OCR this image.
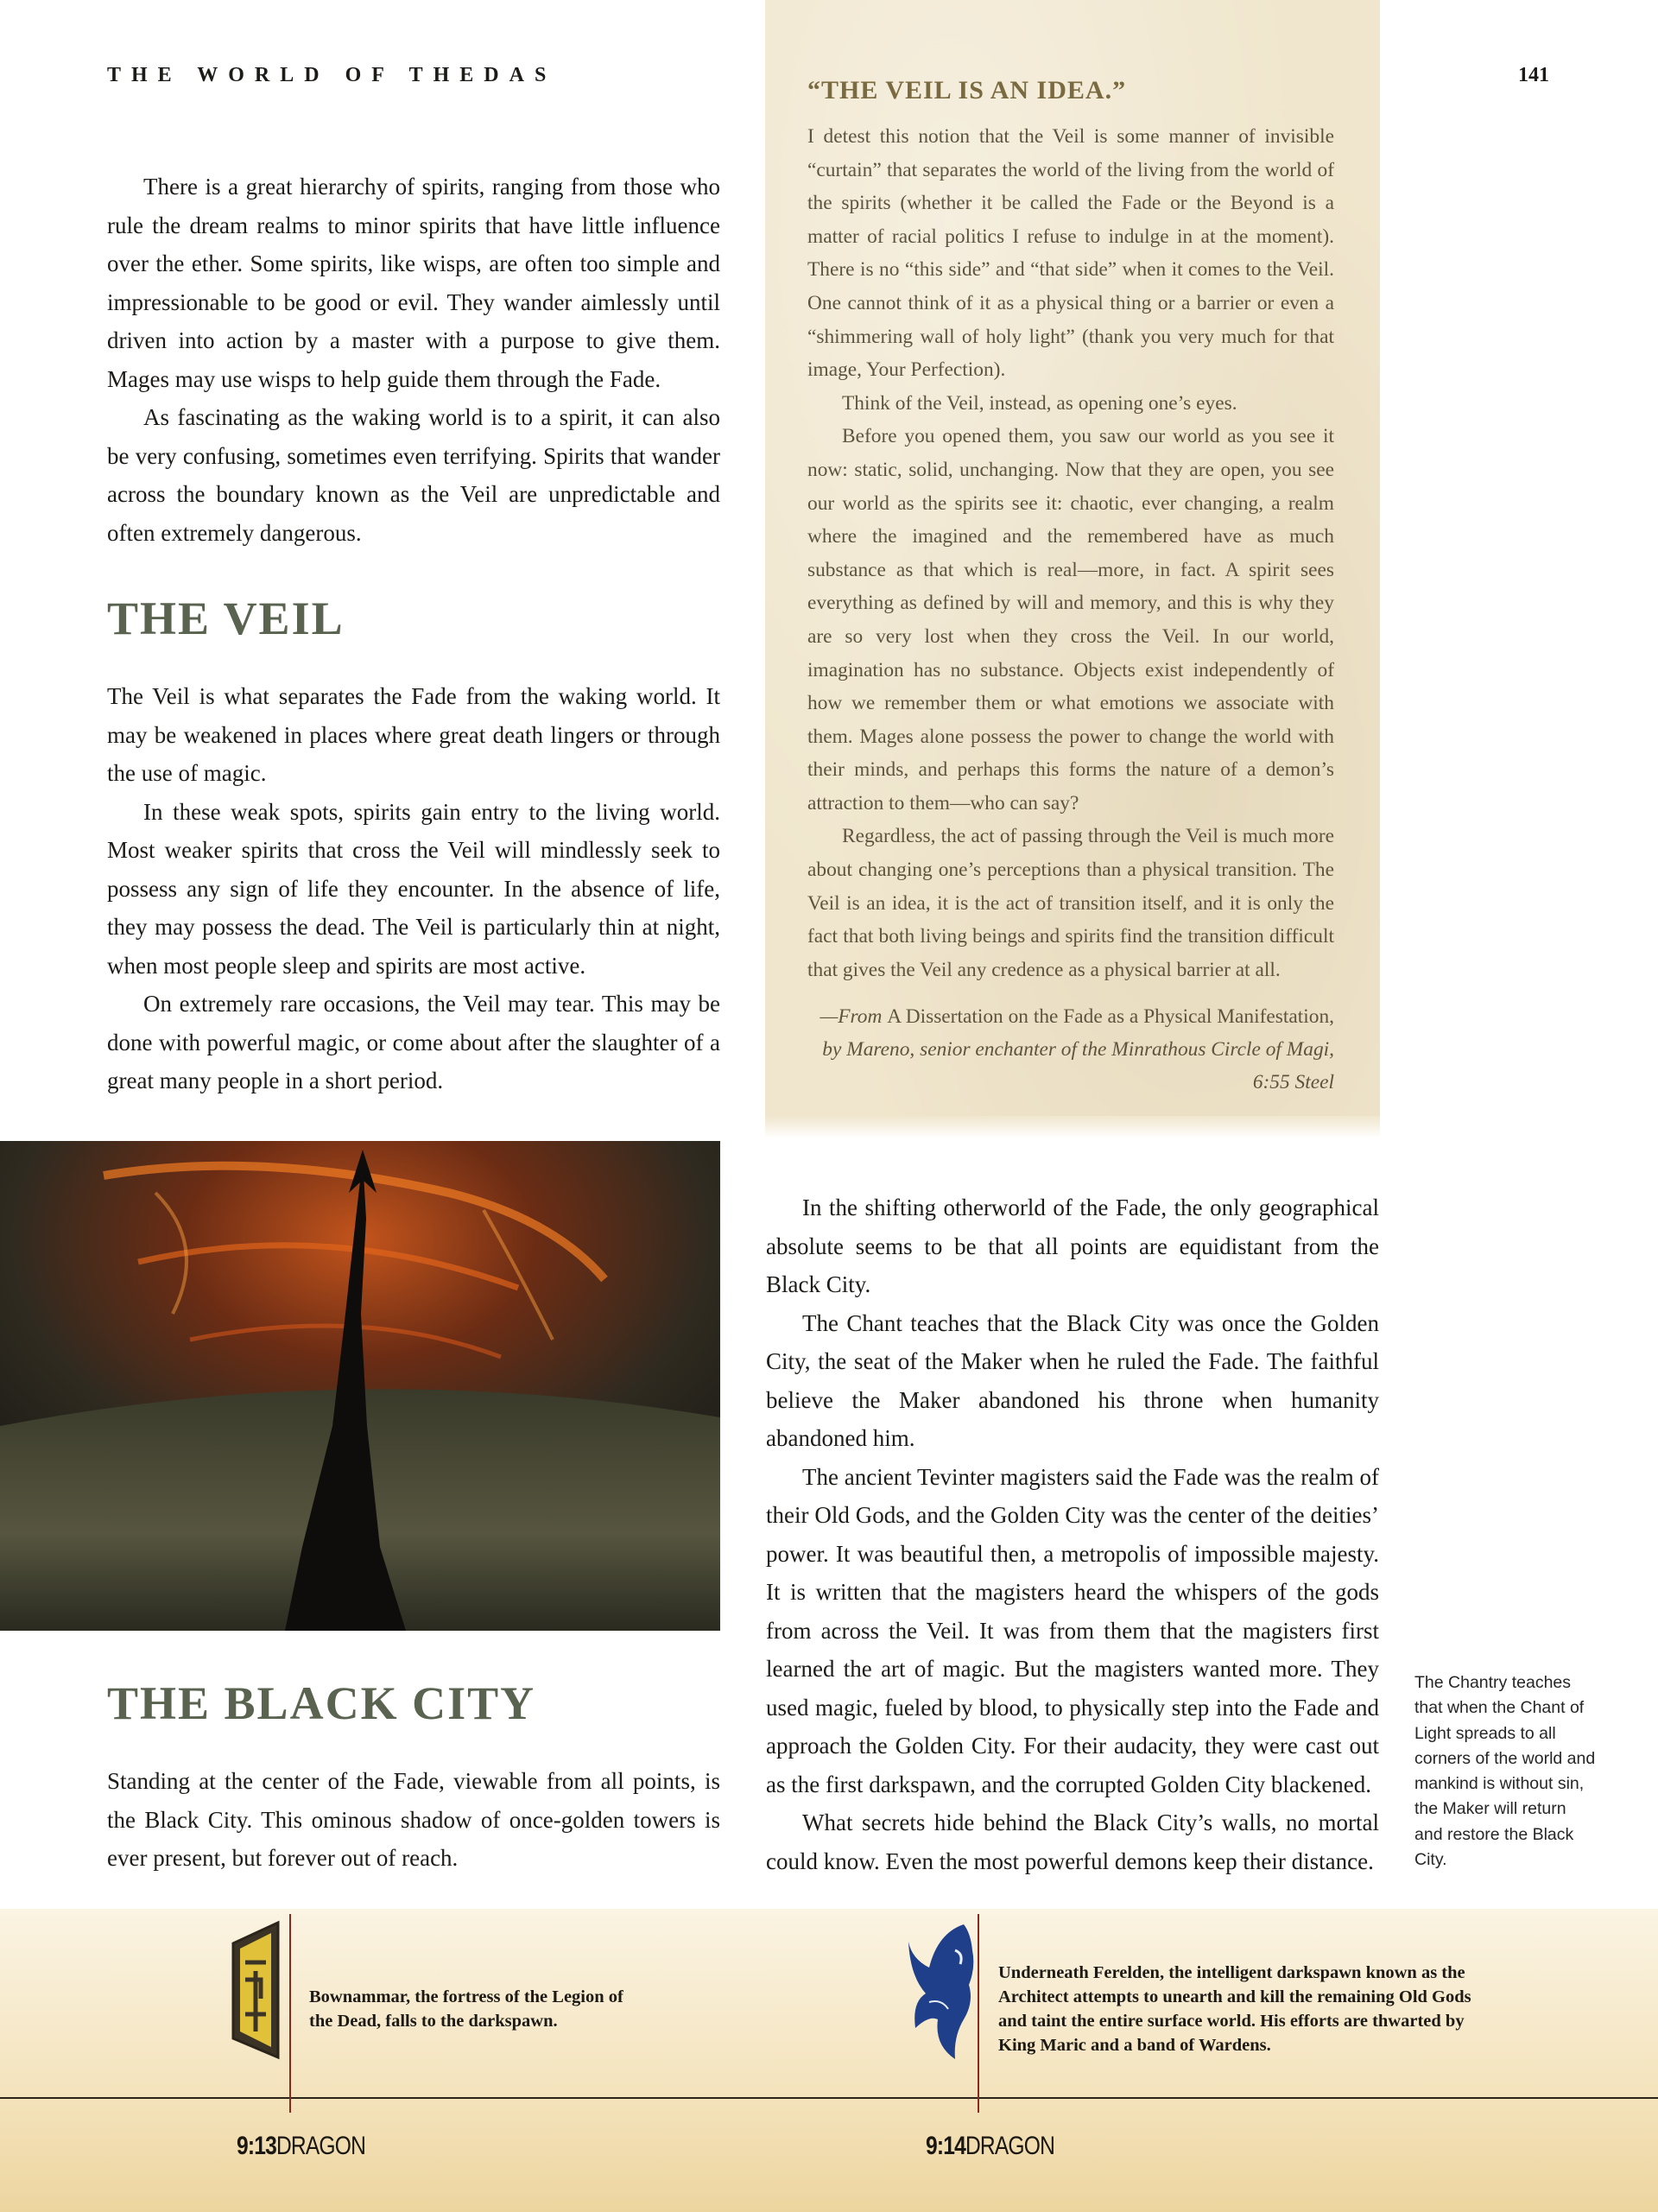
THE WORLD OF THEDAS	141

There is a great hierarchy of spirits, ranging from those who rule the dream realms to minor spirits that have little influence over the ether. Some spirits, like wisps, are often too simple and impressionable to be good or evil. They wander aimlessly until driven into action by a master with a purpose to give them. Mages may use wisps to help guide them through the Fade.

As fascinating as the waking world is to a spirit, it can also be very confusing, sometimes even terrifying. Spirits that wander across the boundary known as the Veil are unpredictable and often extremely dangerous.

THE VEIL

The Veil is what separates the Fade from the waking world. It may be weakened in places where great death lingers or through the use of magic.

In these weak spots, spirits gain entry to the living world. Most weaker spirits that cross the Veil will mindlessly seek to possess any sign of life they encounter. In the absence of life, they may possess the dead. The Veil is particularly thin at night, when most people sleep and spirits are most active.

On extremely rare occasions, the Veil may tear. This may be done with powerful magic, or come about after the slaughter of a great many people in a short period.

“THE VEIL IS AN IDEA.”

I detest this notion that the Veil is some manner of invisible “curtain” that separates the world of the living from the world of the spirits (whether it be called the Fade or the Beyond is a matter of racial politics I refuse to indulge in at the moment). There is no “this side” and “that side” when it comes to the Veil. One cannot think of it as a physical thing or a barrier or even a “shimmering wall of holy light” (thank you very much for that image, Your Perfection).

Think of the Veil, instead, as opening one’s eyes.

Before you opened them, you saw our world as you see it now: static, solid, unchanging. Now that they are open, you see our world as the spirits see it: chaotic, ever changing, a realm where the imagined and the remembered have as much substance as that which is real—more, in fact. A spirit sees everything as defined by will and memory, and this is why they are so very lost when they cross the Veil. In our world, imagination has no substance. Objects exist independently of how we remember them or what emotions we associate with them. Mages alone possess the power to change the world with their minds, and perhaps this forms the nature of a demon’s attraction to them—who can say?

Regardless, the act of passing through the Veil is much more about changing one’s perceptions than a physical transition. The Veil is an idea, it is the act of transition itself, and it is only the fact that both living beings and spirits find the transition difficult that gives the Veil any credence as a physical barrier at all.

—From A Dissertation on the Fade as a Physical Manifestation, by Mareno, senior enchanter of the Minrathous Circle of Magi, 6:55 Steel
THE BLACK CITY

Standing at the center of the Fade, viewable from all points, is the Black City. This ominous shadow of once-golden towers is ever present, but forever out of reach.

In the shifting otherworld of the Fade, the only geographical absolute seems to be that all points are equidistant from the Black City.

The Chant teaches that the Black City was once the Golden City, the seat of the Maker when he ruled the Fade. The faithful believe the Maker abandoned his throne when humanity abandoned him.

The ancient Tevinter magisters said the Fade was the realm of their Old Gods, and the Golden City was the center of the deities’ power. It was beautiful then, a metropolis of impossible majesty. It is written that the magisters heard the whispers of the gods from across the Veil. It was from them that the magisters first learned the art of magic. But the magisters wanted more. They used magic, fueled by blood, to physically step into the Fade and approach the Golden City. For their audacity, they were cast out as the first darkspawn, and the corrupted Golden City blackened.

What secrets hide behind the Black City’s walls, no mortal could know. Even the most powerful demons keep their distance.

The Chantry teaches that when the Chant of Light spreads to all corners of the world and mankind is without sin, the Maker will return and restore the Black City.
Bownammar, the fortress of the Legion of the Dead, falls to the darkspawn.
9:13DRAGON
Underneath Ferelden, the intelligent darkspawn known as the Architect attempts to unearth and kill the remaining Old Gods and taint the entire surface world. His efforts are thwarted by King Maric and a band of Wardens.
9:14DRAGON
